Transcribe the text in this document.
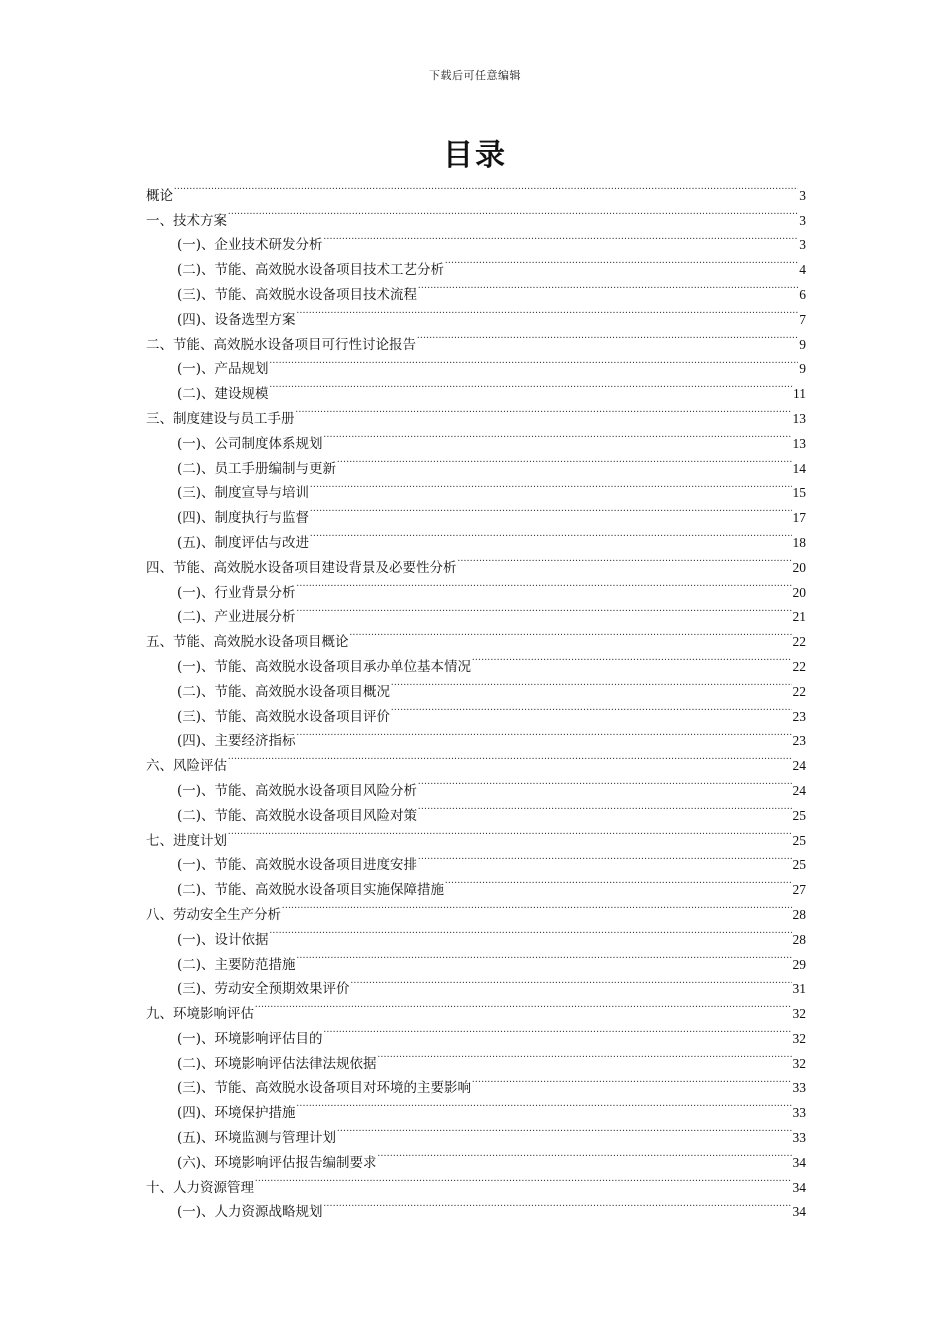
下载后可任意编辑
目录
概论 .....	3
一、技术方案 .....	3
(一)、企业技术研发分析 .....	3
(二)、节能、高效脱水设备项目技术工艺分析 .....	4
(三)、节能、高效脱水设备项目技术流程 .....	6
(四)、设备选型方案 .....	7
二、节能、高效脱水设备项目可行性讨论报告 .....	9
(一)、产品规划 .....	9
(二)、建设规模 .....	11
三、制度建设与员工手册 .....	13
(一)、公司制度体系规划 .....	13
(二)、员工手册编制与更新 .....	14
(三)、制度宣导与培训 .....	15
(四)、制度执行与监督 .....	17
(五)、制度评估与改进 .....	18
四、节能、高效脱水设备项目建设背景及必要性分析 .....	20
(一)、行业背景分析 .....	20
(二)、产业进展分析 .....	21
五、节能、高效脱水设备项目概论 .....	22
(一)、节能、高效脱水设备项目承办单位基本情况 .....	22
(二)、节能、高效脱水设备项目概况 .....	22
(三)、节能、高效脱水设备项目评价 .....	23
(四)、主要经济指标 .....	23
六、风险评估 .....	24
(一)、节能、高效脱水设备项目风险分析 .....	24
(二)、节能、高效脱水设备项目风险对策 .....	25
七、进度计划 .....	25
(一)、节能、高效脱水设备项目进度安排 .....	25
(二)、节能、高效脱水设备项目实施保障措施 .....	27
八、劳动安全生产分析 .....	28
(一)、设计依据 .....	28
(二)、主要防范措施 .....	29
(三)、劳动安全预期效果评价 .....	31
九、环境影响评估 .....	32
(一)、环境影响评估目的 .....	32
(二)、环境影响评估法律法规依据 .....	32
(三)、节能、高效脱水设备项目对环境的主要影响 .....	33
(四)、环境保护措施 .....	33
(五)、环境监测与管理计划 .....	33
(六)、环境影响评估报告编制要求 .....	34
十、人力资源管理 .....	34
(一)、人力资源战略规划 .....	34
